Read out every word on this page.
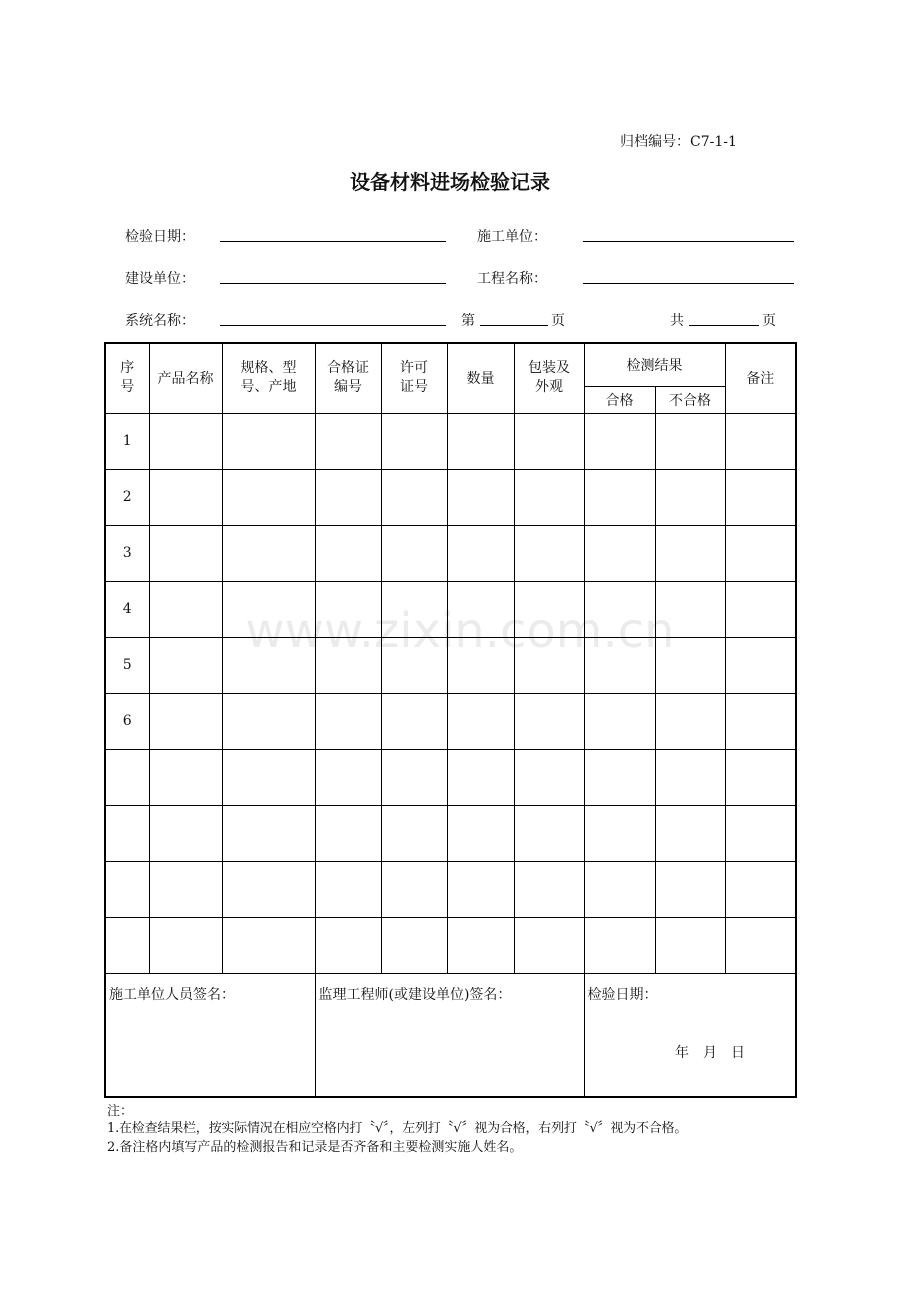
归档编号：C7-1-1
设备材料进场检验记录
检验日期：	施工单位：
建设单位：	工程名称：
系统名称：	第	页	共	页
序号	产品名称	规格、型号、产地	合格证编号	许可证号	数量	包装及外观	检测结果		备注
							合格	不合格	
1									
2									
3									
4									
5									
6									

施工单位人员签名：			监理工程师(或建设单位)签名：				检验日期：
年　月　日		
www.zixin.com.cn
注：
1.在检查结果栏，按实际情况在相应空格内打〝√〞，左列打〝√〞视为合格，右列打〝√〞视为不合格。
2.备注格内填写产品的检测报告和记录是否齐备和主要检测实施人姓名。
